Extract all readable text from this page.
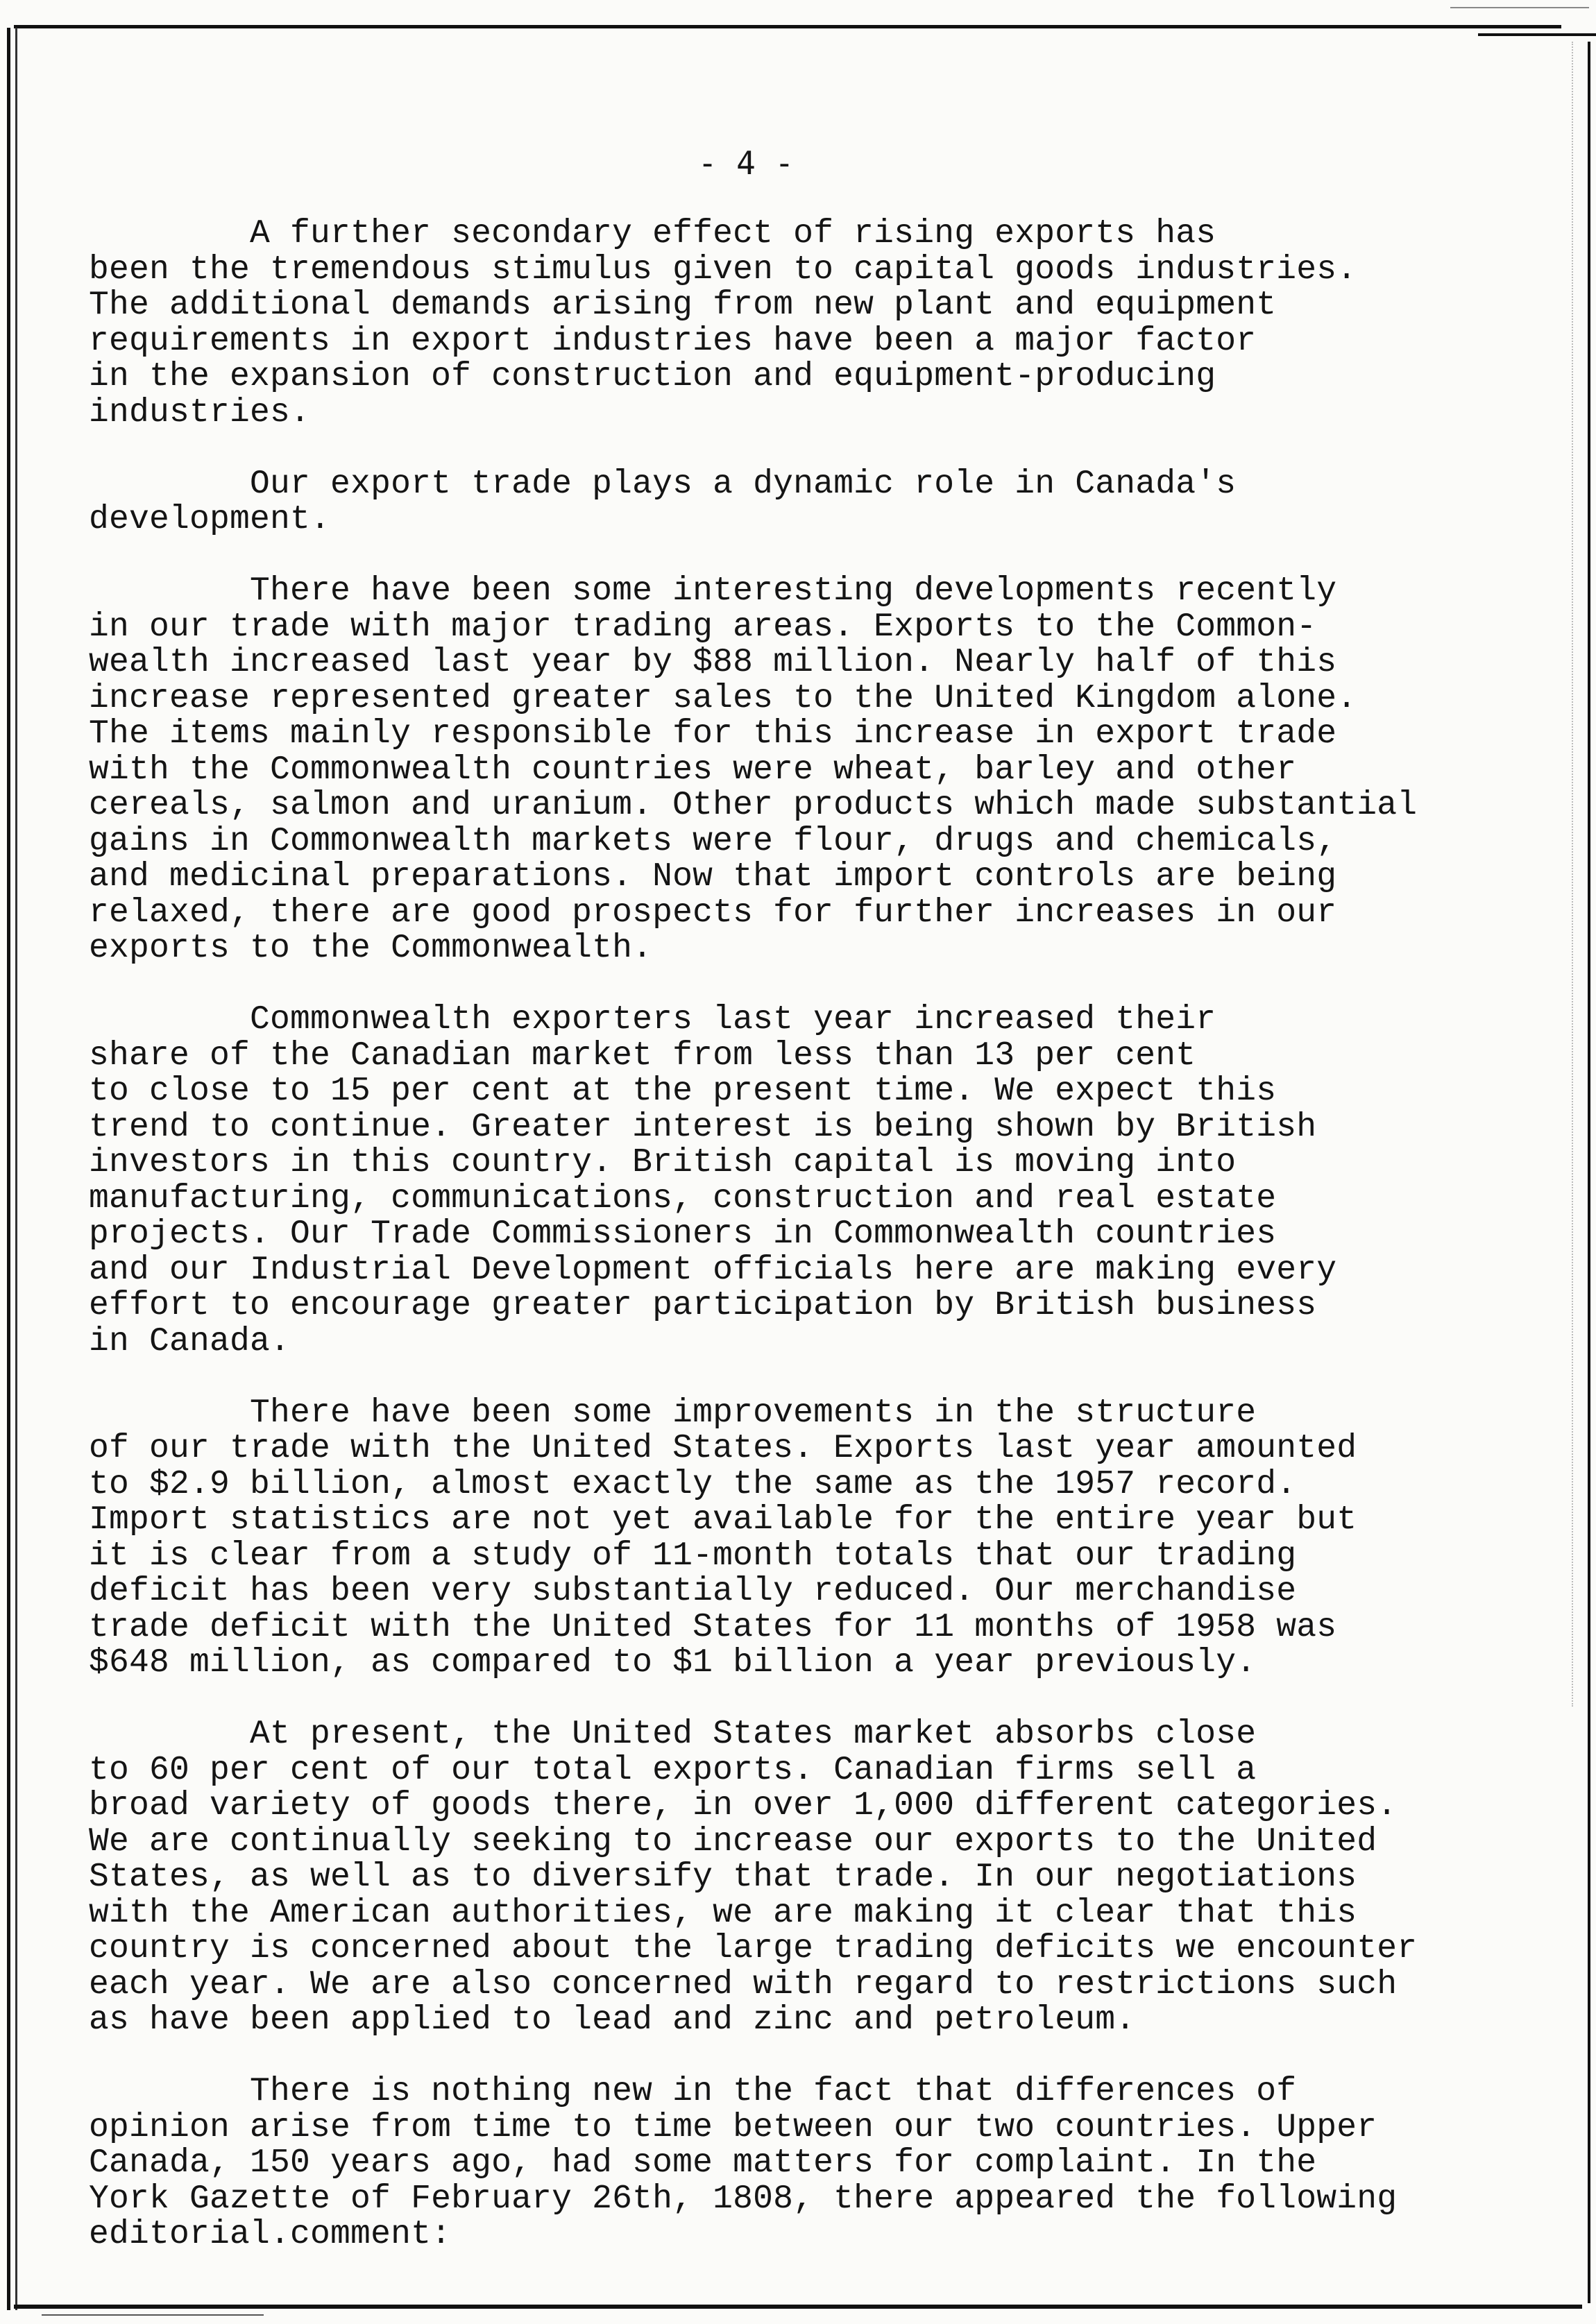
- 4 -
A further secondary effect of rising exports has
been the tremendous stimulus given to capital goods industries.
The additional demands arising from new plant and equipment
requirements in export industries have been a major factor
in the expansion of construction and equipment-producing
industries.
Our export trade plays a dynamic role in Canada's
development.
There have been some interesting developments recently
in our trade with major trading areas. Exports to the Common-
wealth increased last year by $88 million. Nearly half of this
increase represented greater sales to the United Kingdom alone.
The items mainly responsible for this increase in export trade
with the Commonwealth countries were wheat, barley and other
cereals, salmon and uranium. Other products which made substantial
gains in Commonwealth markets were flour, drugs and chemicals,
and medicinal preparations. Now that import controls are being
relaxed, there are good prospects for further increases in our
exports to the Commonwealth.
Commonwealth exporters last year increased their
share of the Canadian market from less than 13 per cent
to close to 15 per cent at the present time. We expect this
trend to continue. Greater interest is being shown by British
investors in this country. British capital is moving into
manufacturing, communications, construction and real estate
projects. Our Trade Commissioners in Commonwealth countries
and our Industrial Development officials here are making every
effort to encourage greater participation by British business
in Canada.
There have been some improvements in the structure
of our trade with the United States. Exports last year amounted
to $2.9 billion, almost exactly the same as the 1957 record.
Import statistics are not yet available for the entire year but
it is clear from a study of 11-month totals that our trading
deficit has been very substantially reduced. Our merchandise
trade deficit with the United States for 11 months of 1958 was
$648 million, as compared to $1 billion a year previously.
At present, the United States market absorbs close
to 60 per cent of our total exports. Canadian firms sell a
broad variety of goods there, in over 1,000 different categories.
We are continually seeking to increase our exports to the United
States, as well as to diversify that trade. In our negotiations
with the American authorities, we are making it clear that this
country is concerned about the large trading deficits we encounter
each year. We are also concerned with regard to restrictions such
as have been applied to lead and zinc and petroleum.
There is nothing new in the fact that differences of
opinion arise from time to time between our two countries. Upper
Canada, 150 years ago, had some matters for complaint. In the
York Gazette of February 26th, 1808, there appeared the following
editorial.comment:
